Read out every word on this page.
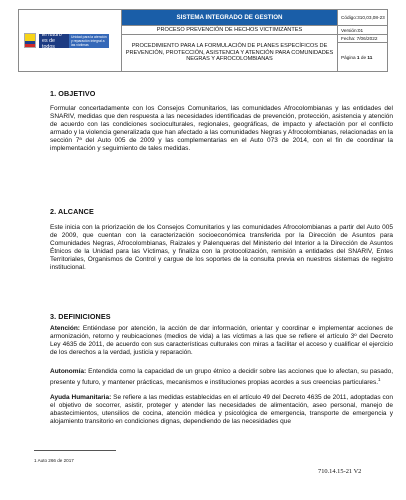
El futuro es de todos
Unidad para la atención y reparación integral a las víctimas
SISTEMA INTEGRADO DE GESTION
PROCESO PREVENCIÓN DE HECHOS VICTIMIZANTES
PROCEDIMIENTO PARA LA FORMULACIÓN DE PLANES ESPECÍFICOS DE PREVENCIÓN, PROTECCIÓN, ASISTENCIA Y ATENCIÓN PARA COMUNIDADES NEGRAS Y AFROCOLOMBIANAS
Código:310,03,08-23
Versión:01
Fecha: 7/06/2022
Página
1
de
11
1. OBJETIVO
Formular concertadamente con los Consejos Comunitarios, las comunidades Afrocolombianas y las entidades del SNARIV, medidas que den respuesta a las necesidades identificadas de prevención, protección, asistencia y atención de acuerdo con las condiciones socioculturales, regionales, geográficas, de impacto y afectación por el conflicto armado y la violencia generalizada que han afectado a las comunidades Negras y Afrocolombianas, relacionadas en la sección 7ª del Auto 005 de 2009 y las complementarias en el Auto 073 de 2014, con el fin de coordinar la implementación y seguimiento de tales medidas.
2. ALCANCE
Este inicia con la priorización de los Consejos Comunitarios y las comunidades Afrocolombianas a partir del Auto 005 de 2009, que cuentan con la caracterización socioeconómica transferida por la Dirección de Asuntos para Comunidades Negras, Afrocolombianas, Raizales y Palenqueras del Ministerio del Interior a la Dirección de Asuntos Étnicos de la Unidad para las Víctimas, y finaliza con la protocolización, remisión a entidades del SNARIV, Entes Territoriales, Organismos de Control y cargue de los soportes de la consulta previa en nuestros sistemas de registro institucional.
3. DEFINICIONES
Atención: Entiéndase por atención, la acción de dar información, orientar y coordinar e implementar acciones de armonización, retorno y reubicaciones (medios de vida) a las víctimas a las que se refiere el artículo 3º del Decreto Ley 4635 de 2011, de acuerdo con sus características culturales con miras a facilitar el acceso y cualificar el ejercicio de los derechos a la verdad, justicia y reparación.
Autonomía: Entendida como la capacidad de un grupo étnico a decidir sobre las acciones que lo afectan, su pasado, presente y futuro, y mantener prácticas, mecanismos e instituciones propias acordes a sus creencias particulares.$^1$
Ayuda Humanitaria: Se refiere a las medidas establecidas en el artículo 49 del Decreto 4635 de 2011, adoptadas con el objetivo de socorrer, asistir, proteger y atender las necesidades de alimentación, aseo personal, manejo de abastecimientos, utensilios de cocina, atención médica y psicológica de emergencia, transporte de emergencia y alojamiento transitorio en condiciones dignas, dependiendo de las necesidades que
1 Auto 266 de 2017
710.14.15-21 V2
